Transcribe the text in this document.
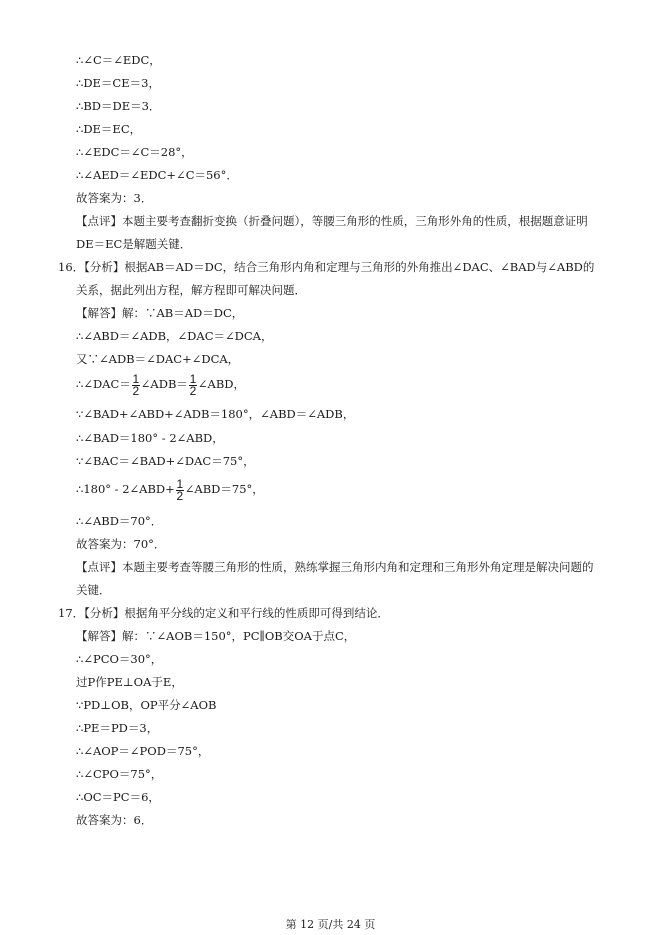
∴∠C＝∠EDC，
∴DE＝CE＝3，
∴BD＝DE＝3．
∴DE＝EC，
∴∠EDC＝∠C＝28°，
∴∠AED＝∠EDC+∠C＝56°．
故答案为：3．
【点评】本题主要考查翻折变换（折叠问题），等腰三角形的性质，三角形外角的性质，根据题意证明
DE＝EC是解题关键．
16．【分析】根据AB＝AD＝DC，结合三角形内角和定理与三角形的外角推出∠DAC、∠BAD与∠ABD的
关系，据此列出方程，解方程即可解决问题．
【解答】解：∵AB＝AD＝DC，
∴∠ABD＝∠ADB，∠DAC＝∠DCA，
又∵∠ADB＝∠DAC+∠DCA，
∴∠DAC＝ $\frac{1}{2}$ ∠ADB＝ $\frac{1}{2}$ ∠ABD，
∵∠BAD+∠ABD+∠ADB＝180°，∠ABD＝∠ADB，
∴∠BAD＝180° - 2∠ABD，
∵∠BAC＝∠BAD+∠DAC＝75°，
∴180° - 2∠ABD+ $\frac{1}{2}$ ∠ABD＝75°，
∴∠ABD＝70°．
故答案为：70°．
【点评】本题主要考查等腰三角形的性质，熟练掌握三角形内角和定理和三角形外角定理是解决问题的
关键．
17．【分析】根据角平分线的定义和平行线的性质即可得到结论．
【解答】解：∵∠AOB＝150°，PC∥OB交OA于点C，
∴∠PCO＝30°，
过P作PE⊥OA于E，
∵PD⊥OB，OP平分∠AOB
∴PE＝PD＝3，
∴∠AOP＝∠POD＝75°，
∴∠CPO＝75°，
∴OC＝PC＝6，
故答案为：6．
第 12 页/共 24 页
